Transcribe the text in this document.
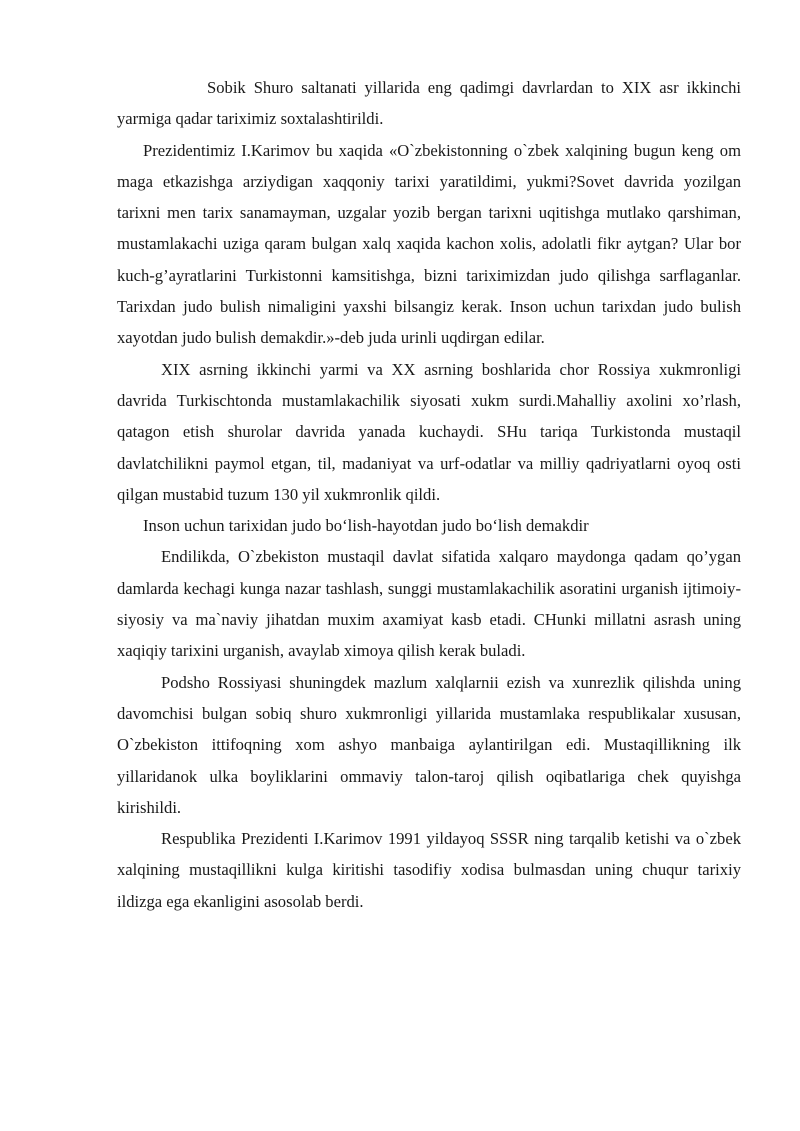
Sobik Shuro saltanati yillarida eng qadimgi davrlardan to XIX asr ikkinchi yarmiga qadar tariximiz soxtalashtirildi.

Prezidentimiz I.Karimov bu xaqida «O`zbekistonning o`zbek xalqining bugun keng om maga etkazishga arziydigan xaqqoniy tarixi yaratildimi, yukmi?Sovet davrida yozilgan tarixni men tarix sanamayman, uzgalar yozib bergan tarixni uqitishga mutlako qarshiman, mustamlakachi uziga qaram bulgan xalq xaqida kachon xolis, adolatli fikr aytgan? Ular bor kuch-g’ayratlarini Turkistonni kamsitishga, bizni tariximizdan judo qilishga sarflaganlar. Tarixdan judo bulish nimaligini yaxshi bilsangiz kerak. Inson uchun tarixdan judo bulish xayotdan judo bulish demakdir.»-deb juda urinli uqdirgan edilar.

XIX asrning ikkinchi yarmi va XX asrning boshlarida chor Rossiya xukmronligi davrida Turkischtonda mustamlakachilik siyosati xukm surdi.Mahalliy axolini xo’rlash, qatagon etish shurolar davrida yanada kuchaydi. SHu tariqa Turkistonda mustaqil davlatchilikni paymol etgan, til, madaniyat va urf-odatlar va milliy qadriyatlarni oyoq osti qilgan mustabid tuzum 130 yil xukmronlik qildi.

Inson uchun tarixidan judo bo‘lish-hayotdan judo bo‘lish demakdir

Endilikda, O`zbekiston mustaqil davlat sifatida xalqaro maydonga qadam qo’ygan damlarda kechagi kunga nazar tashlash, sunggi mustamlakachilik asoratini urganish ijtimoiy-siyosiy va ma`naviy jihatdan muxim axamiyat kasb etadi. CHunki millatni asrash uning xaqiqiy tarixini urganish, avaylab ximoya qilish kerak buladi.

Podsho Rossiyasi shuningdek mazlum xalqlarnii ezish va xunrezlik qilishda uning davomchisi bulgan sobiq shuro xukmronligi yillarida mustamlaka respublikalar xususan, O`zbekiston ittifoqning xom ashyo manbaiga aylantirilgan edi. Mustaqillikning ilk yillaridanok ulka boyliklarini ommaviy talon-taroj qilish oqibatlariga chek quyishga kirishildi.

Respublika Prezidenti I.Karimov 1991 yildayoq SSSR ning tarqalib ketishi va o`zbek xalqining mustaqillikni kulga kiritishi tasodifiy xodisa bulmasdan uning chuqur tarixiy ildizga ega ekanligini asosolab berdi.
